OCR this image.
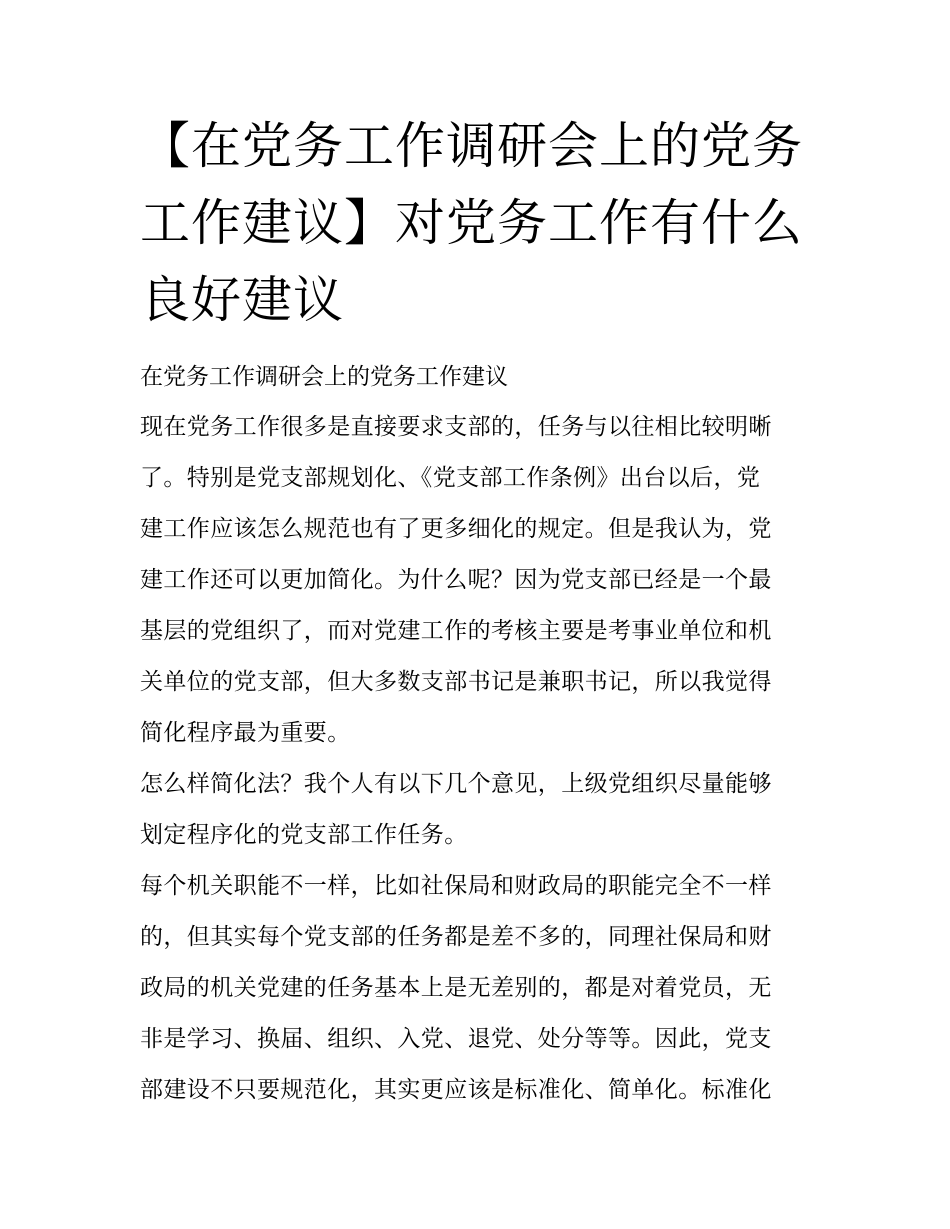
【在党务工作调研会上的党务
工作建议】对党务工作有什么
良好建议

在党务工作调研会上的党务工作建议

现在党务工作很多是直接要求支部的，任务与以往相比较明晰
了。特别是党支部规划化、《党支部工作条例》出台以后，党
建工作应该怎么规范也有了更多细化的规定。但是我认为，党
建工作还可以更加简化。为什么呢？因为党支部已经是一个最
基层的党组织了，而对党建工作的考核主要是考事业单位和机
关单位的党支部，但大多数支部书记是兼职书记，所以我觉得
简化程序最为重要。

怎么样简化法？我个人有以下几个意见，上级党组织尽量能够
划定程序化的党支部工作任务。

每个机关职能不一样，比如社保局和财政局的职能完全不一样
的，但其实每个党支部的任务都是差不多的，同理社保局和财
政局的机关党建的任务基本上是无差别的，都是对着党员，无
非是学习、换届、组织、入党、退党、处分等等。因此，党支
部建设不只要规范化，其实更应该是标准化、简单化。标准化
